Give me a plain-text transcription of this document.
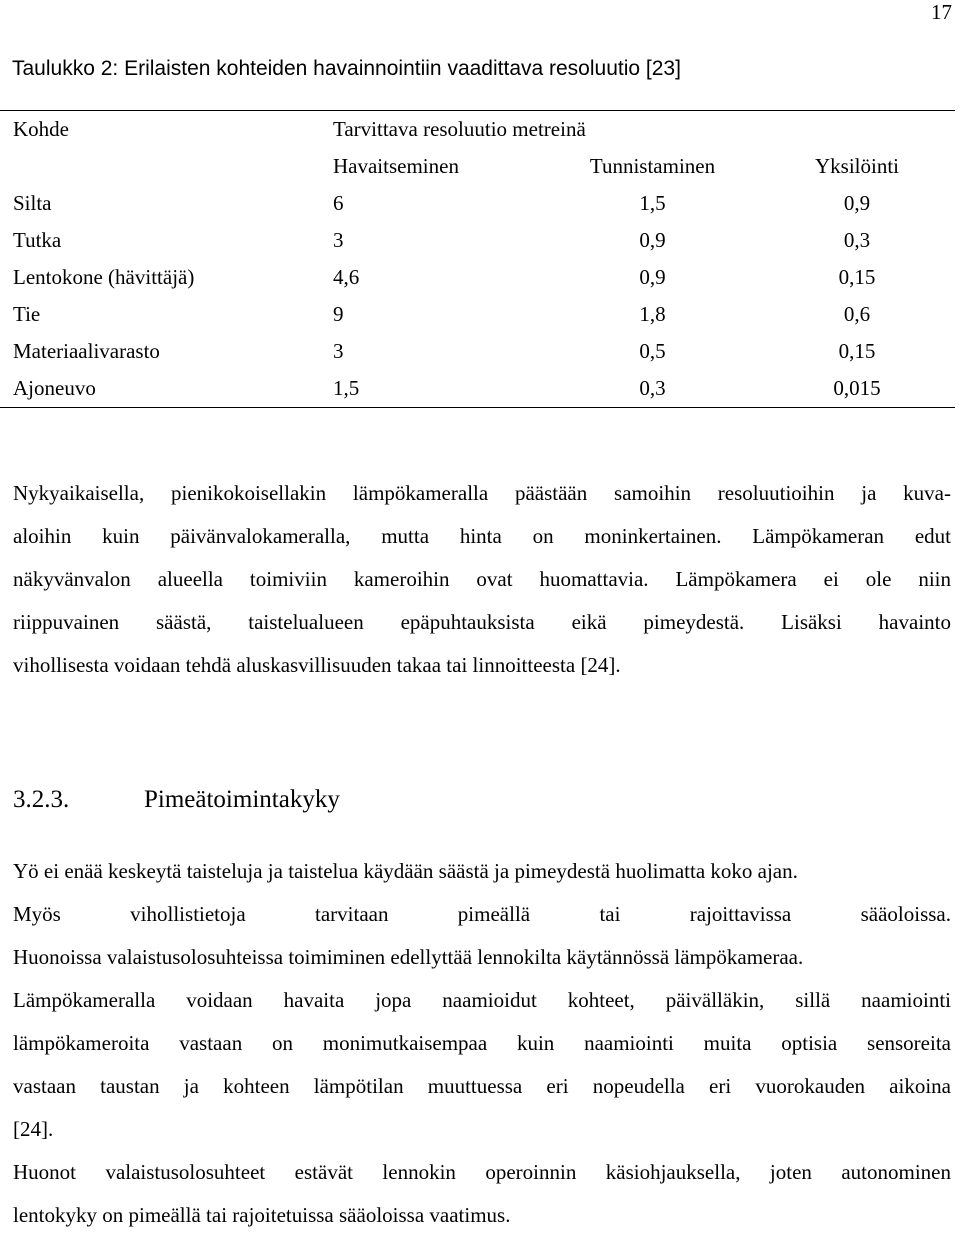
17
Taulukko 2: Erilaisten kohteiden havainnointiin vaadittava resoluutio [23]
Kohde	Tarvittava resoluutio metreinä		
	Havaitseminen	Tunnistaminen	Yksilöinti
Silta	6	1,5	0,9
Tutka	3	0,9	0,3
Lentokone (hävittäjä)	4,6	0,9	0,15
Tie	9	1,8	0,6
Materiaalivarasto	3	0,5	0,15
Ajoneuvo	1,5	0,3	0,015
Nykyaikaisella, pienikokoisellakin lämpökameralla päästään samoihin resoluutioihin ja kuva-
aloihin kuin päivänvalokameralla, mutta hinta on moninkertainen. Lämpökameran edut
näkyvänvalon alueella toimiviin kameroihin ovat huomattavia. Lämpökamera ei ole niin
riippuvainen säästä, taistelualueen epäpuhtauksista eikä pimeydestä. Lisäksi havainto
vihollisesta voidaan tehdä aluskasvillisuuden takaa tai linnoitteesta [24].
3.2.3.	Pimeätoimintakyky
Yö ei enää keskeytä taisteluja ja taistelua käydään säästä ja pimeydestä huolimatta koko ajan.
Myös vihollistietoja tarvitaan pimeällä tai rajoittavissa sääoloissa.
Huonoissa valaistusolosuhteissa toimiminen edellyttää lennokilta käytännössä lämpökameraa.
Lämpökameralla voidaan havaita jopa naamioidut kohteet, päivälläkin, sillä naamiointi
lämpökameroita vastaan on monimutkaisempaa kuin naamiointi muita optisia sensoreita
vastaan taustan ja kohteen lämpötilan muuttuessa eri nopeudella eri vuorokauden aikoina
[24].
Huonot valaistusolosuhteet estävät lennokin operoinnin käsiohjauksella, joten autonominen
lentokyky on pimeällä tai rajoitetuissa sääoloissa vaatimus.
